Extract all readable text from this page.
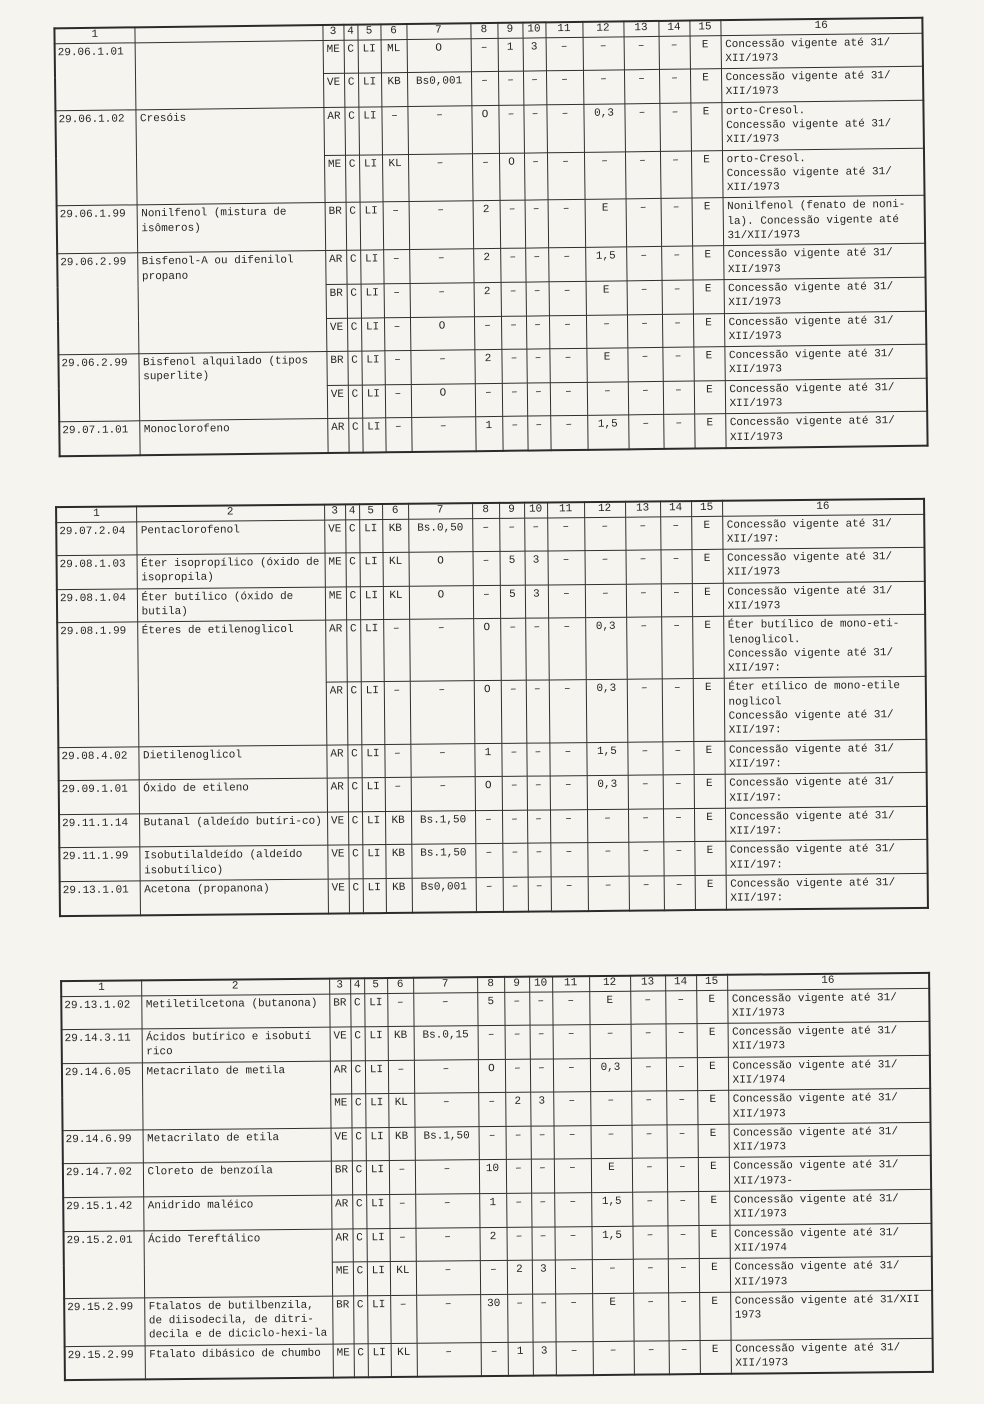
1		3	4	5	6	7	8	9	10	11	12	13	14	15	16
29.06.1.01		ME	C	LI	ML	O	–	1	3	–	–	–	–	E	Concessão vigente até 31/
XII/1973
		VE	C	LI	KB	Bs0,001	–	–	–	–	–	–	–	E	Concessão vigente até 31/
XII/1973
29.06.1.02	Cresóis	AR	C	LI	–	–	O	–	–	–	0,3	–	–	E	orto-Cresol.
Concessão vigente até 31/
XII/1973
		ME	C	LI	KL	–	–	O	–	–	–	–	–	E	orto-Cresol.
Concessão vigente até 31/
XII/1973
29.06.1.99	Nonilfenol (mistura de isômeros)	BR	C	LI	–	–	2	–	–	–	E	–	–	E	Nonilfenol (fenato de noni-
la). Concessão vigente até
31/XII/1973
29.06.2.99	Bisfenol-A ou difenilol propano	AR	C	LI	–	–	2	–	–	–	1,5	–	–	E	Concessão vigente até 31/
XII/1973
		BR	C	LI	–	–	2	–	–	–	E	–	–	E	Concessão vigente até 31/
XII/1973
		VE	C	LI	–	O	–	–	–	–	–	–	–	E	Concessão vigente até 31/
XII/1973
29.06.2.99	Bisfenol alquilado (tipos superlite)	BR	C	LI	–	–	2	–	–	–	E	–	–	E	Concessão vigente até 31/
XII/1973
		VE	C	LI	–	O	–	–	–	–	–	–	–	E	Concessão vigente até 31/
XII/1973
29.07.1.01	Monoclorofeno	AR	C	LI	–	–	1	–	–	–	1,5	–	–	E	Concessão vigente até 31/
XII/1973
1	2	3	4	5	6	7	8	9	10	11	12	13	14	15	16
29.07.2.04	Pentaclorofenol	VE	C	LI	KB	Bs.0,50	–	–	–	–	–	–	–	E	Concessão vigente até 31/
XII/197:
29.08.1.03	Éter isopropílico (óxido de isopropila)	ME	C	LI	KL	O	–	5	3	–	–	–	–	E	Concessão vigente até 31/
XII/1973
29.08.1.04	Éter butílico (óxido de butila)	ME	C	LI	KL	O	–	5	3	–	–	–	–	E	Concessão vigente até 31/
XII/1973
29.08.1.99	Éteres de etilenoglicol	AR	C	LI	–	–	O	–	–	–	0,3	–	–	E	Éter butílico de mono-eti-
lenoglicol.
Concessão vigente até 31/
XII/197:
		AR	C	LI	–	–	O	–	–	–	0,3	–	–	E	Éter etílico de mono-etile
noglicol
Concessão vigente até 31/
XII/197:
29.08.4.02	Dietilenoglicol	AR	C	LI	–	–	1	–	–	–	1,5	–	–	E	Concessão vigente até 31/
XII/197:
29.09.1.01	Óxido de etileno	AR	C	LI	–	–	O	–	–	–	0,3	–	–	E	Concessão vigente até 31/
XII/197:
29.11.1.14	Butanal (aldeído butíri-co)	VE	C	LI	KB	Bs.1,50	–	–	–	–	–	–	–	E	Concessão vigente até 31/
XII/197:
29.11.1.99	Isobutilaldeído (aldeído isobutílico)	VE	C	LI	KB	Bs.1,50	–	–	–	–	–	–	–	E	Concessão vigente até 31/
XII/197:
29.13.1.01	Acetona (propanona)	VE	C	LI	KB	Bs0,001	–	–	–	–	–	–	–	E	Concessão vigente até 31/
XII/197:
1	2	3	4	5	6	7	8	9	10	11	12	13	14	15	16
29.13.1.02	Metiletilcetona (butanona)	BR	C	LI	–	–	5	–	–	–	E	–	–	E	Concessão vigente até 31/
XII/1973
29.14.3.11	Ácidos butírico e isobutí rico	VE	C	LI	KB	Bs.0,15	–	–	–	–	–	–	–	E	Concessão vigente até 31/
XII/1973
29.14.6.05	Metacrilato de metila	AR	C	LI	–	–	O	–	–	–	0,3	–	–	E	Concessão vigente até 31/
XII/1974
		ME	C	LI	KL	–	–	2	3	–	–	–	–	E	Concessão vigente até 31/
XII/1973
29.14.6.99	Metacrilato de etila	VE	C	LI	KB	Bs.1,50	–	–	–	–	–	–	–	E	Concessão vigente até 31/
XII/1973
29.14.7.02	Cloreto de benzoíla	BR	C	LI	–	–	10	–	–	–	E	–	–	E	Concessão vigente até 31/
XII/1973-
29.15.1.42	Anidrido maléico	AR	C	LI	–	–	1	–	–	–	1,5	–	–	E	Concessão vigente até 31/
XII/1973
29.15.2.01	Ácido Tereftálico	AR	C	LI	–	–	2	–	–	–	1,5	–	–	E	Concessão vigente até 31/
XII/1974
		ME	C	LI	KL	–	–	2	3	–	–	–	–	E	Concessão vigente até 31/
XII/1973
29.15.2.99	Ftalatos de butilbenzila, de diisodecila, de ditri-decila e de diciclo-hexi-la	BR	C	LI	–	–	30	–	–	–	E	–	–	E	Concessão vigente até 31/XII
1973
29.15.2.99	Ftalato dibásico de chumbo	ME	C	LI	KL	–	–	1	3	–	–	–	–	E	Concessão vigente até 31/
XII/1973
